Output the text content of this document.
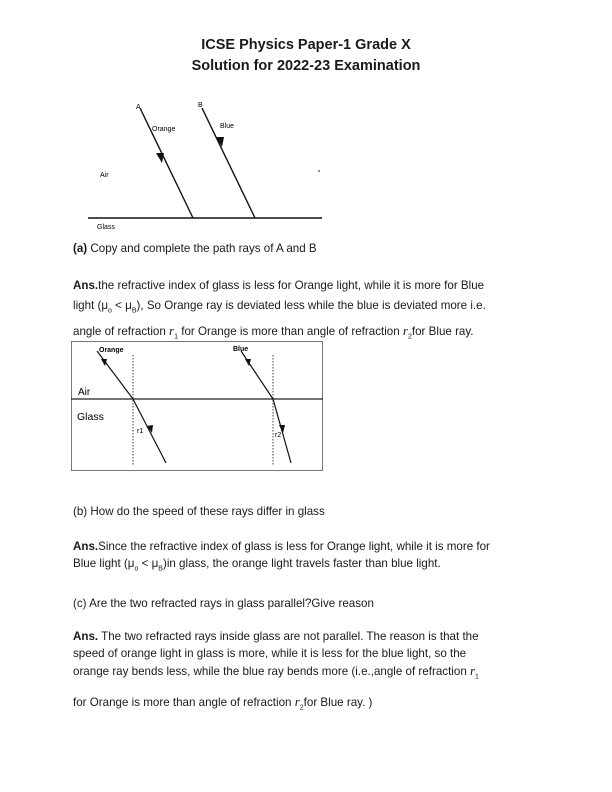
ICSE Physics Paper-1 Grade X
Solution for 2022-23 Examination
A	B
Orange	Blue
Air
Glass
(a) Copy and complete the path rays of A and B
Ans.the refractive index of glass is less for Orange light, while it is more for Blue
light $(\mu_o < \mu_B)$, So Orange ray is deviated less while the blue is deviated more i.e.
angle of refraction $r_1$ for Orange is more than angle of refraction $r_2for$ Blue ray.
Orange	Blue
Air
Glass
r1
r2
(b) How do the speed of these rays differ in glass
Ans.Since the refractive index of glass is less for Orange light, while it is more for
Blue light $(\mu_o < \mu_B)in$ glass, the orange light travels faster than blue light.
(c) Are the two refracted rays in glass parallel?Give reason
Ans. The two refracted rays inside glass are not parallel. The reason is that the
speed of orange light in glass is more, while it is less for the blue light, so the
orange ray bends less, while the blue ray bends more (i.e.,angle of refraction $r_1$
for Orange is more than angle of refraction $r_2for$ Blue ray. )
